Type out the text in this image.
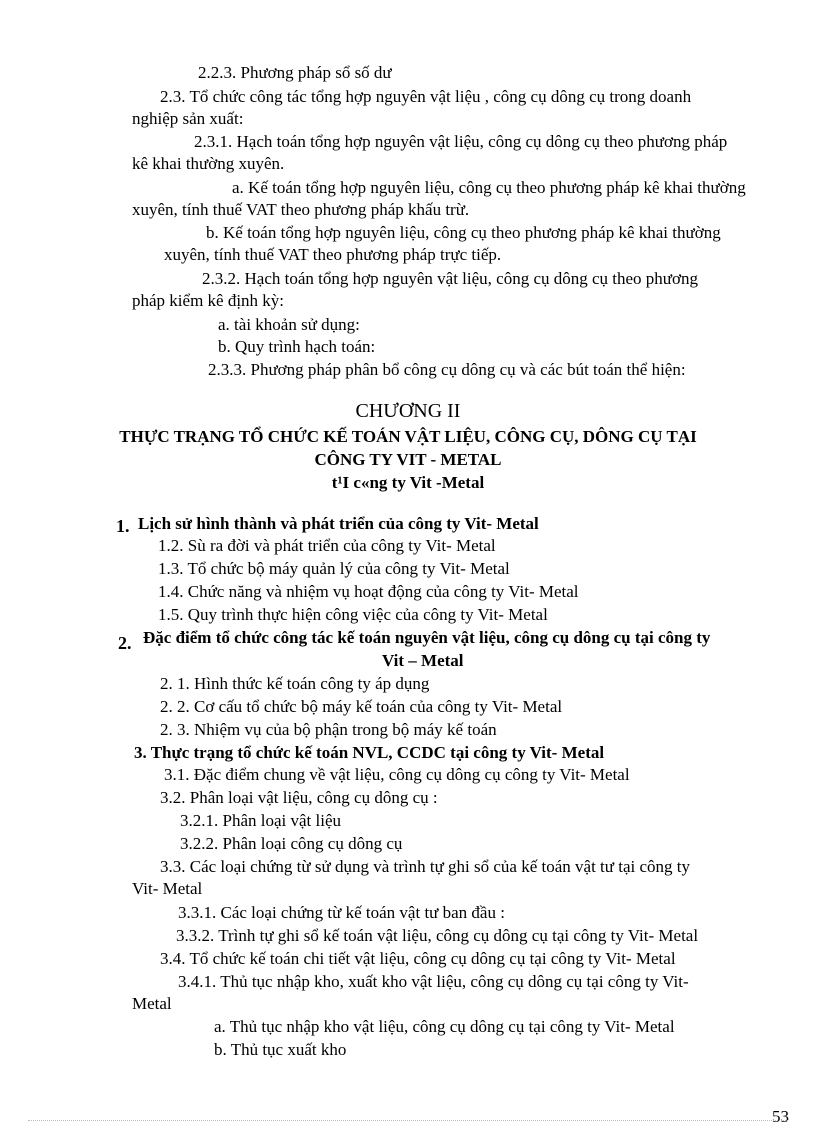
2.2.3. Phương pháp sổ số dư
2.3. Tổ chức công tác tổng hợp nguyên vật liệu , công cụ dông cụ trong doanh
nghiệp sản xuất:
2.3.1. Hạch toán tổng hợp nguyên vật liệu, công cụ dông cụ theo phương pháp
kê khai thường xuyên.
a. Kế toán tổng hợp nguyên liệu, công cụ theo phương pháp kê khai thường
xuyên, tính thuế VAT theo phương pháp khấu trừ.
b. Kế toán tổng hợp nguyên liệu, công cụ theo phương pháp kê khai thường
xuyên, tính thuế VAT theo phương pháp trực tiếp.
2.3.2. Hạch toán tổng hợp nguyên vật liệu, công cụ dông cụ theo phương
pháp kiểm kê định kỳ:
a. tài khoản sử dụng:
b. Quy trình hạch toán:
2.3.3. Phương pháp phân bổ công cụ dông cụ và các bút toán thể hiện:
CHƯƠNG II
THỰC TRẠNG TỔ CHỨC KẾ TOÁN VẬT LIỆU, CÔNG CỤ, DÔNG CỤ TẠI
CÔNG TY VIT - METAL
t¹I c«ng ty Vit -Metal
1. Lịch sử hình thành và phát triển của công ty Vit- Metal
1.2. Sù ra đời và phát triển của công ty Vit- Metal
1.3. Tổ chức bộ máy quản lý của công ty Vit- Metal
1.4. Chức năng và nhiệm vụ hoạt động của công ty Vit- Metal
1.5. Quy trình thực hiện công việc của công ty Vit- Metal
2. Đặc điểm tổ chức công tác kế toán nguyên vật liệu, công cụ dông cụ tại công ty
Vit – Metal
2. 1. Hình thức kế toán công ty áp dụng
2. 2. Cơ cấu tổ chức bộ máy kế toán của công ty Vit- Metal
2. 3. Nhiệm vụ của bộ phận trong bộ máy kế toán
3. Thực trạng tổ chức kế toán NVL, CCDC tại công ty Vit- Metal
3.1. Đặc điểm chung về vật liệu, công cụ dông cụ công ty Vit- Metal
3.2. Phân loại vật liệu, công cụ dông cụ :
3.2.1. Phân loại vật liệu
3.2.2. Phân loại công cụ dông cụ
3.3. Các loại chứng từ sử dụng và trình tự ghi sổ của kế toán vật tư tại công ty
Vit- Metal
3.3.1. Các loại chứng từ kế toán vật tư ban đầu :
3.3.2. Trình tự ghi sổ kế toán vật liệu, công cụ dông cụ tại công ty Vit- Metal
3.4. Tổ chức kế toán chi tiết vật liệu, công cụ dông cụ tại công ty Vit- Metal
3.4.1. Thủ tục nhập kho, xuất kho vật liệu, công cụ dông cụ tại công ty Vit-
Metal
a. Thủ tục nhập kho vật liệu, công cụ dông cụ tại công ty Vit- Metal
b. Thủ tục xuất kho
53
